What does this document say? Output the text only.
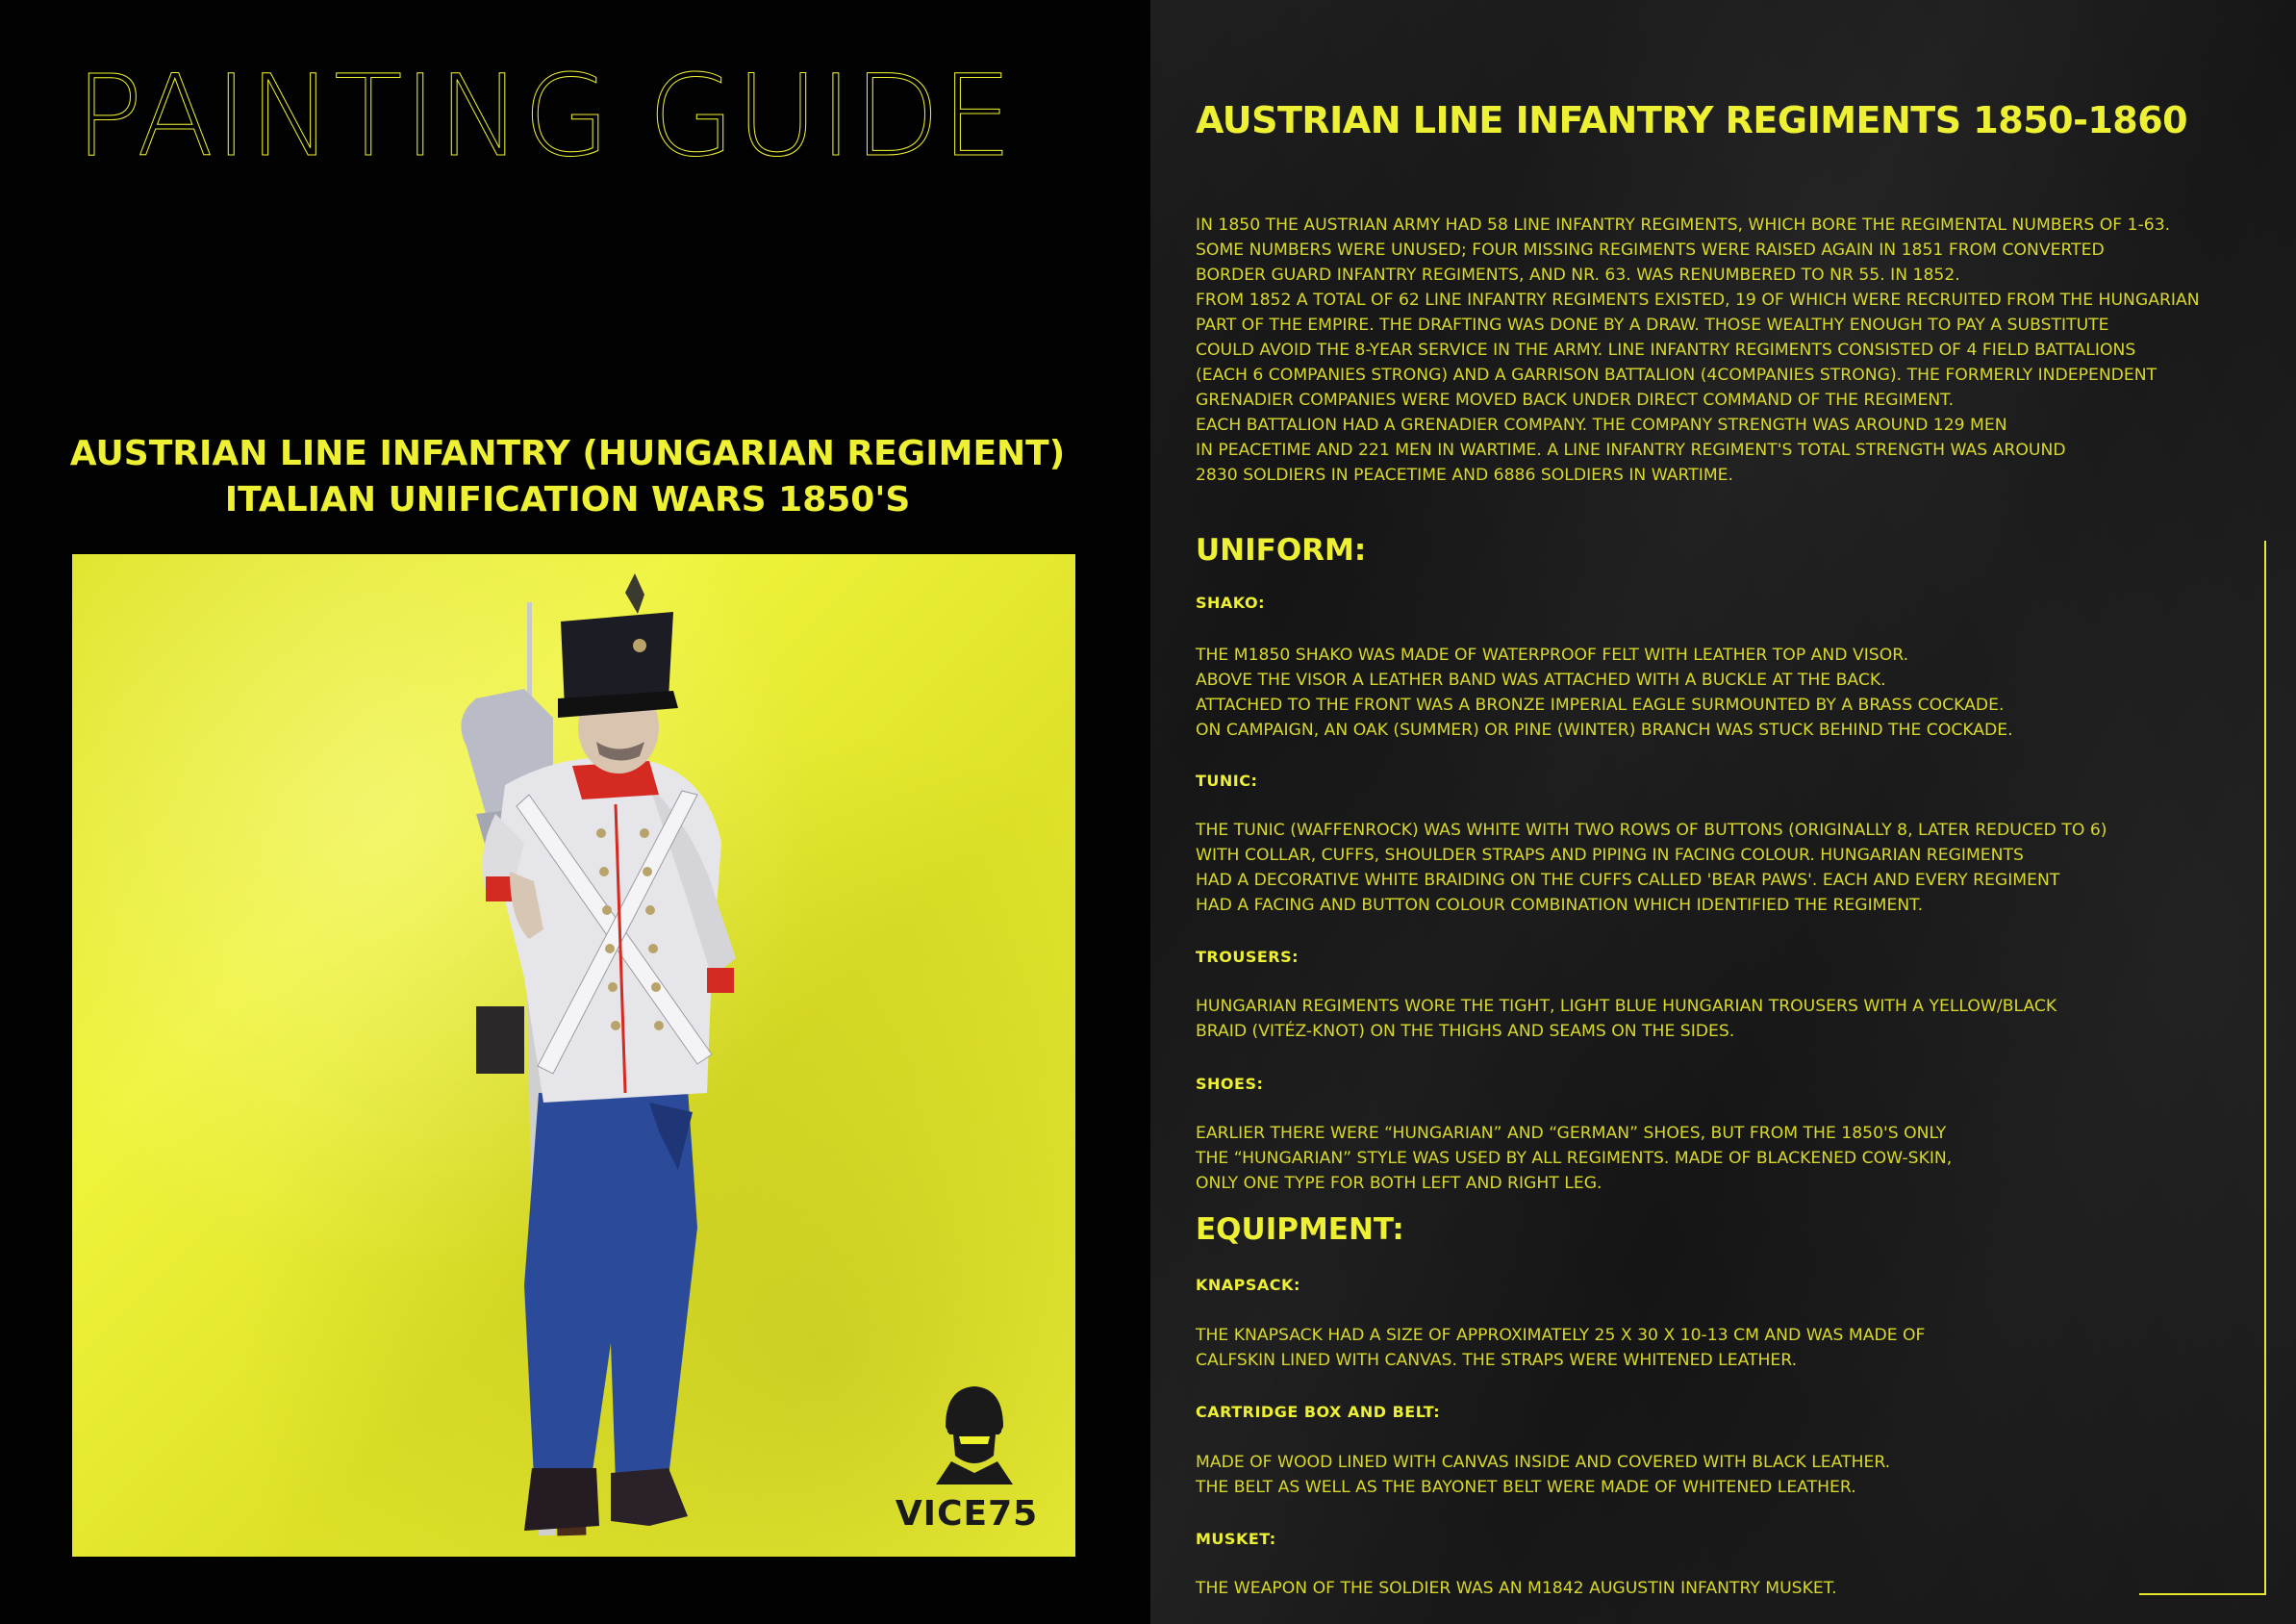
PAINTING GUIDE
AUSTRIAN LINE INFANTRY (HUNGARIAN REGIMENT)
ITALIAN UNIFICATION WARS 1850'S

VICE75

AUSTRIAN LINE INFANTRY REGIMENTS 1850-1860
IN 1850 THE AUSTRIAN ARMY HAD 58 LINE INFANTRY REGIMENTS, WHICH BORE THE REGIMENTAL NUMBERS OF 1-63.
SOME NUMBERS WERE UNUSED; FOUR MISSING REGIMENTS WERE RAISED AGAIN IN 1851 FROM CONVERTED
BORDER GUARD INFANTRY REGIMENTS, AND NR. 63. WAS RENUMBERED TO NR 55. IN 1852.
FROM 1852 A TOTAL OF 62 LINE INFANTRY REGIMENTS EXISTED, 19 OF WHICH WERE RECRUITED FROM THE HUNGARIAN
PART OF THE EMPIRE. THE DRAFTING WAS DONE BY A DRAW. THOSE WEALTHY ENOUGH TO PAY A SUBSTITUTE
COULD AVOID THE 8-YEAR SERVICE IN THE ARMY. LINE INFANTRY REGIMENTS CONSISTED OF 4 FIELD BATTALIONS
(EACH 6 COMPANIES STRONG) AND A GARRISON BATTALION (4COMPANIES STRONG). THE FORMERLY INDEPENDENT
GRENADIER COMPANIES WERE MOVED BACK UNDER DIRECT COMMAND OF THE REGIMENT.
EACH BATTALION HAD A GRENADIER COMPANY. THE COMPANY STRENGTH WAS AROUND 129 MEN
IN PEACETIME AND 221 MEN IN WARTIME. A LINE INFANTRY REGIMENT'S TOTAL STRENGTH WAS AROUND
2830 SOLDIERS IN PEACETIME AND 6886 SOLDIERS IN WARTIME.
UNIFORM:
SHAKO:
THE M1850 SHAKO WAS MADE OF WATERPROOF FELT WITH LEATHER TOP AND VISOR.
ABOVE THE VISOR A LEATHER BAND WAS ATTACHED WITH A BUCKLE AT THE BACK.
ATTACHED TO THE FRONT WAS A BRONZE IMPERIAL EAGLE SURMOUNTED BY A BRASS COCKADE.
ON CAMPAIGN, AN OAK (SUMMER) OR PINE (WINTER) BRANCH WAS STUCK BEHIND THE COCKADE.
TUNIC:
THE TUNIC (WAFFENROCK) WAS WHITE WITH TWO ROWS OF BUTTONS (ORIGINALLY 8, LATER REDUCED TO 6)
WITH COLLAR, CUFFS, SHOULDER STRAPS AND PIPING IN FACING COLOUR. HUNGARIAN REGIMENTS
HAD A DECORATIVE WHITE BRAIDING ON THE CUFFS CALLED 'BEAR PAWS'. EACH AND EVERY REGIMENT
HAD A FACING AND BUTTON COLOUR COMBINATION WHICH IDENTIFIED THE REGIMENT.
TROUSERS:
HUNGARIAN REGIMENTS WORE THE TIGHT, LIGHT BLUE HUNGARIAN TROUSERS WITH A YELLOW/BLACK
BRAID (VITÉZ-KNOT) ON THE THIGHS AND SEAMS ON THE SIDES.
SHOES:
EARLIER THERE WERE “HUNGARIAN” AND “GERMAN” SHOES, BUT FROM THE 1850'S ONLY
THE “HUNGARIAN” STYLE WAS USED BY ALL REGIMENTS. MADE OF BLACKENED COW-SKIN,
ONLY ONE TYPE FOR BOTH LEFT AND RIGHT LEG.
EQUIPMENT:
KNAPSACK:
THE KNAPSACK HAD A SIZE OF APPROXIMATELY 25 X 30 X 10-13 CM AND WAS MADE OF
CALFSKIN LINED WITH CANVAS. THE STRAPS WERE WHITENED LEATHER.
CARTRIDGE BOX AND BELT:
MADE OF WOOD LINED WITH CANVAS INSIDE AND COVERED WITH BLACK LEATHER.
THE BELT AS WELL AS THE BAYONET BELT WERE MADE OF WHITENED LEATHER.
MUSKET:
THE WEAPON OF THE SOLDIER WAS AN M1842 AUGUSTIN INFANTRY MUSKET.
